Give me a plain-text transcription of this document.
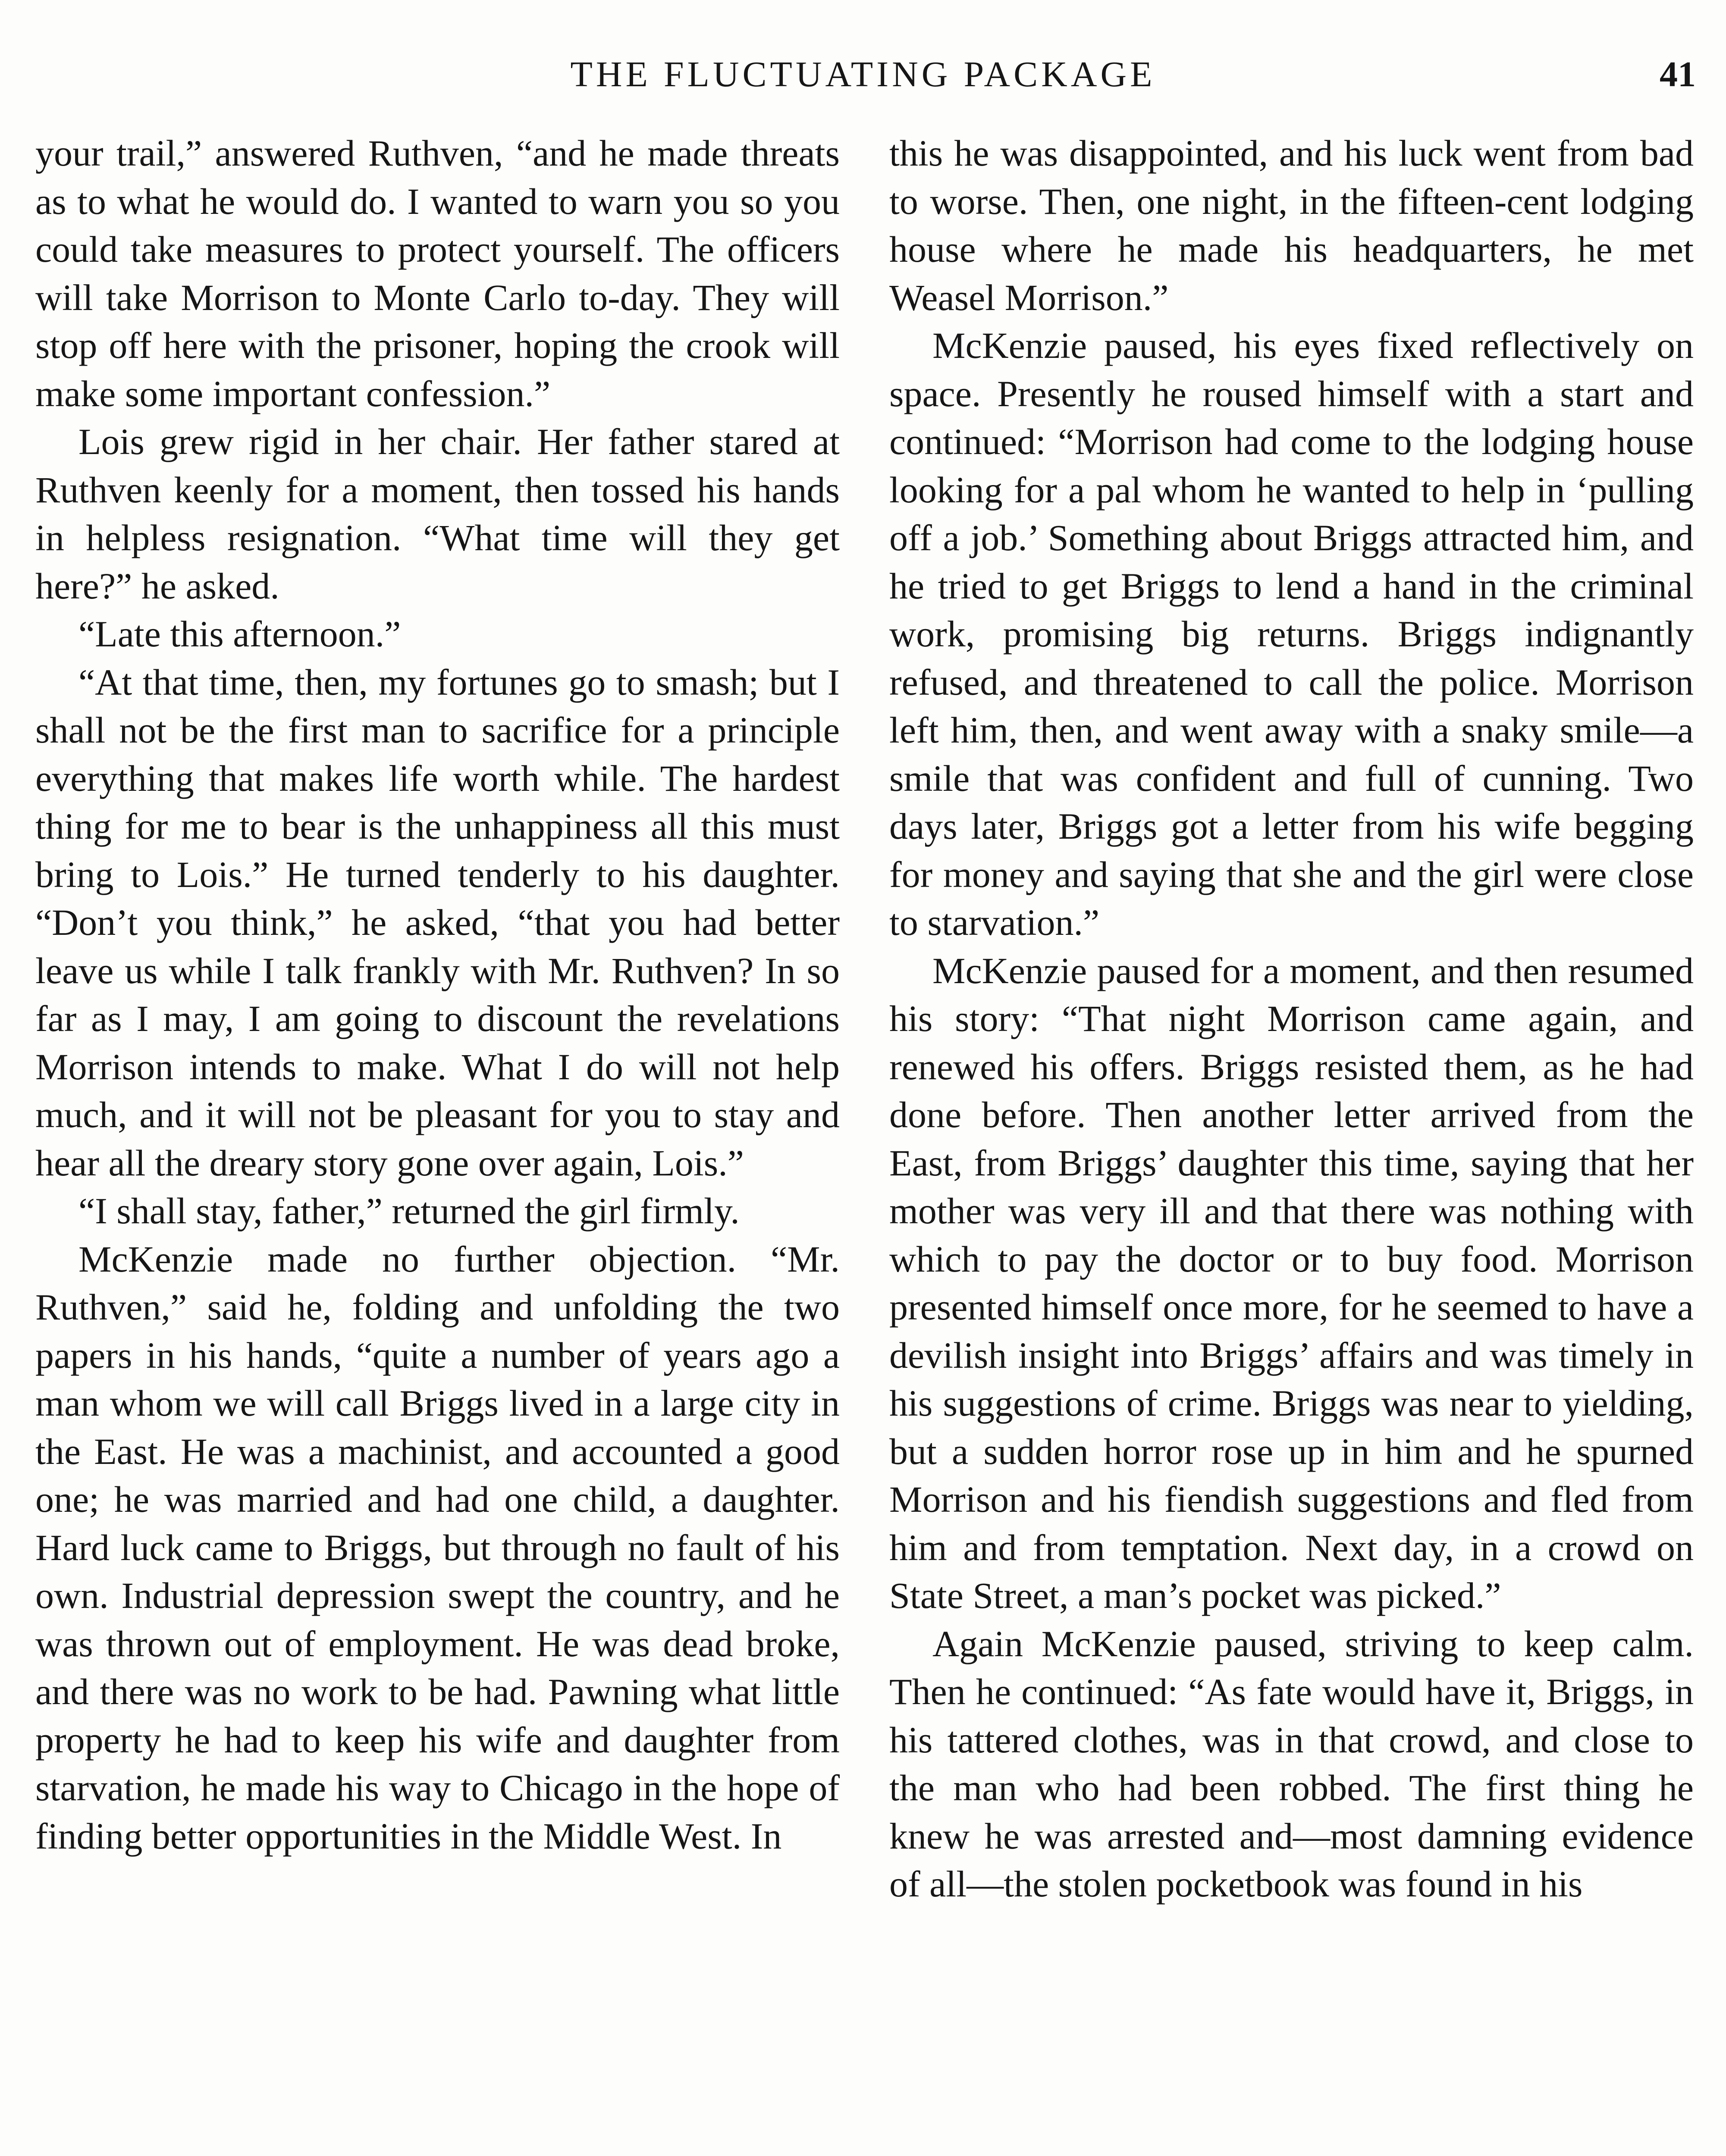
THE FLUCTUATING PACKAGE	41

your trail,” answered Ruthven, “and he made threats as to what he would do. I wanted to warn you so you could take measures to protect yourself. The officers will take Morrison to Monte Carlo to-day. They will stop off here with the prisoner, hoping the crook will make some important confession.”

Lois grew rigid in her chair. Her father stared at Ruthven keenly for a moment, then tossed his hands in helpless resignation. “What time will they get here?” he asked.

“Late this afternoon.”

“At that time, then, my fortunes go to smash; but I shall not be the first man to sacrifice for a principle everything that makes life worth while. The hardest thing for me to bear is the unhappiness all this must bring to Lois.” He turned tenderly to his daughter. “Don’t you think,” he asked, “that you had better leave us while I talk frankly with Mr. Ruthven? In so far as I may, I am going to discount the revelations Morrison intends to make. What I do will not help much, and it will not be pleasant for you to stay and hear all the dreary story gone over again, Lois.”

“I shall stay, father,” returned the girl firmly.

McKenzie made no further objection. “Mr. Ruthven,” said he, folding and unfolding the two papers in his hands, “quite a number of years ago a man whom we will call Briggs lived in a large city in the East. He was a machinist, and accounted a good one; he was married and had one child, a daughter. Hard luck came to Briggs, but through no fault of his own. Industrial depression swept the country, and he was thrown out of employment. He was dead broke, and there was no work to be had. Pawning what little property he had to keep his wife and daughter from starvation, he made his way to Chicago in the hope of finding better opportunities in the Middle West. In

this he was disappointed, and his luck went from bad to worse. Then, one night, in the fifteen-cent lodging house where he made his headquarters, he met Weasel Morrison.”

McKenzie paused, his eyes fixed reflectively on space. Presently he roused himself with a start and continued: “Morrison had come to the lodging house looking for a pal whom he wanted to help in ‘pulling off a job.’ Something about Briggs attracted him, and he tried to get Briggs to lend a hand in the criminal work, promising big returns. Briggs indignantly refused, and threatened to call the police. Morrison left him, then, and went away with a snaky smile—a smile that was confident and full of cunning. Two days later, Briggs got a letter from his wife begging for money and saying that she and the girl were close to starvation.”

McKenzie paused for a moment, and then resumed his story: “That night Morrison came again, and renewed his offers. Briggs resisted them, as he had done before. Then another letter arrived from the East, from Briggs’ daughter this time, saying that her mother was very ill and that there was nothing with which to pay the doctor or to buy food. Morrison presented himself once more, for he seemed to have a devilish insight into Briggs’ affairs and was timely in his suggestions of crime. Briggs was near to yielding, but a sudden horror rose up in him and he spurned Morrison and his fiendish suggestions and fled from him and from temptation. Next day, in a crowd on State Street, a man’s pocket was picked.”

Again McKenzie paused, striving to keep calm. Then he continued: “As fate would have it, Briggs, in his tattered clothes, was in that crowd, and close to the man who had been robbed. The first thing he knew he was arrested and—most damning evidence of all—the stolen pocketbook was found in his
